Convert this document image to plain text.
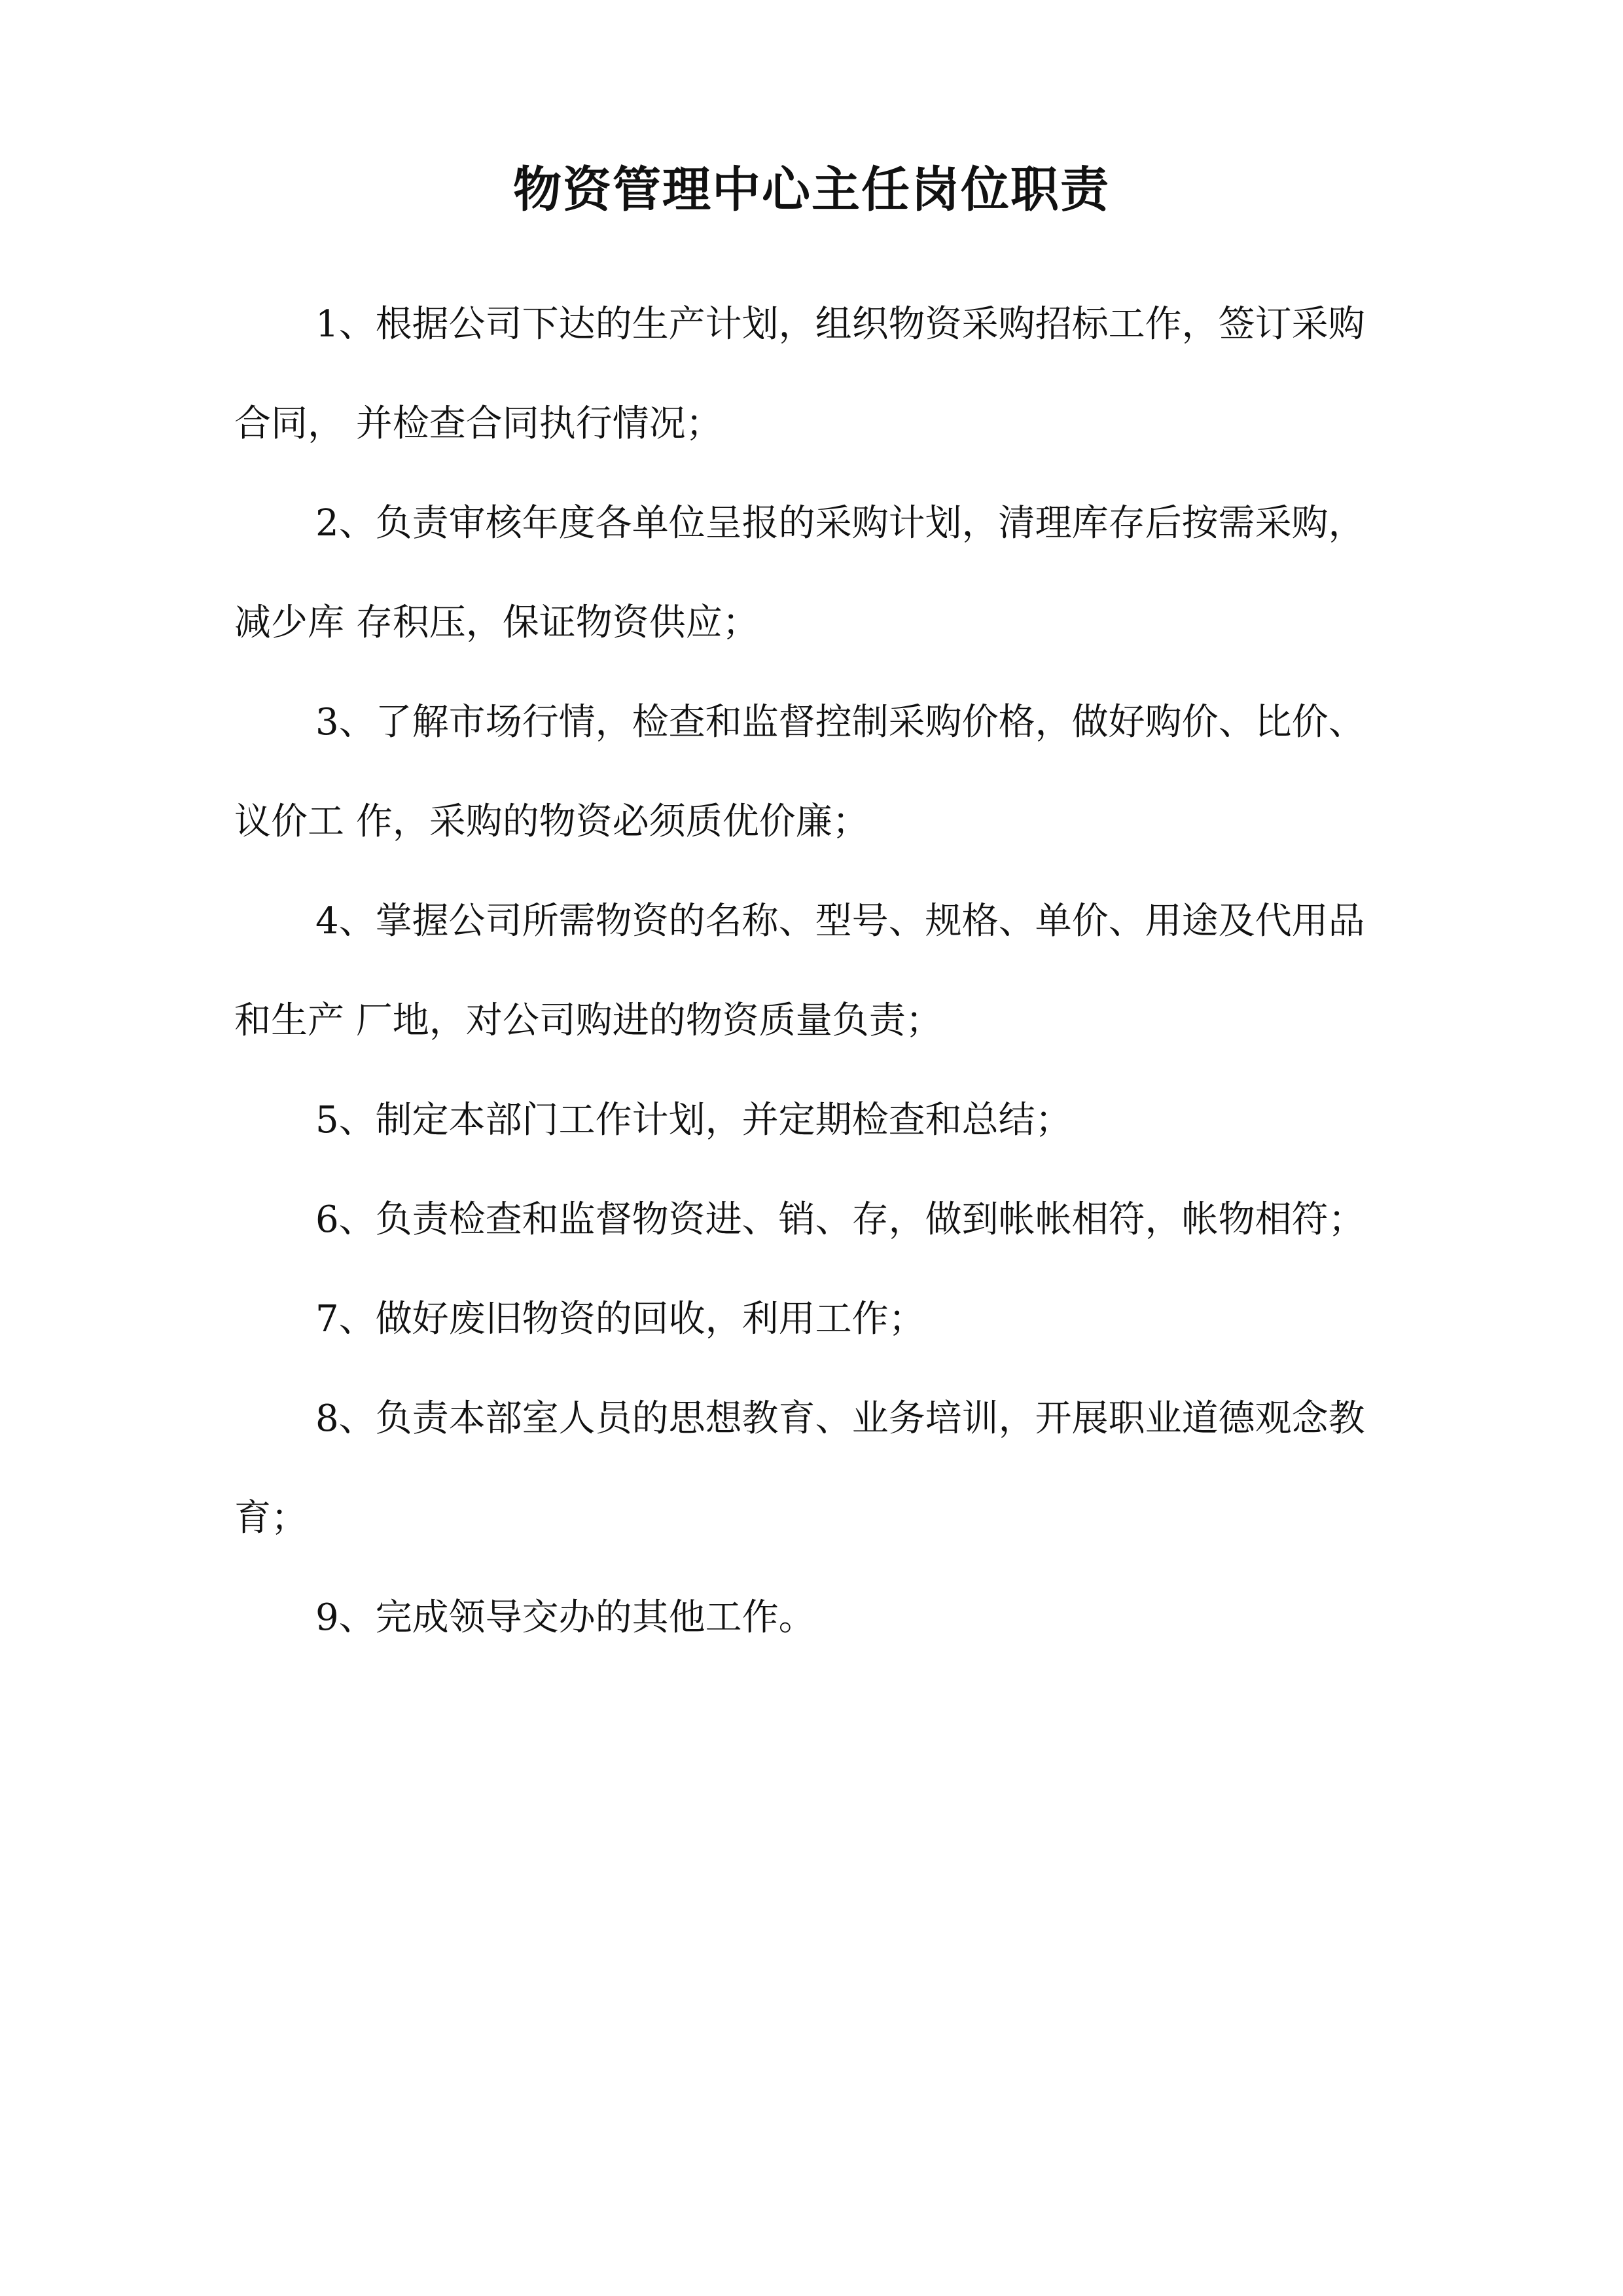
物资管理中心主任岗位职责

1、根据公司下达的生产计划，组织物资采购招标工作，签订采购合同， 并检查合同执行情况；

2、负责审核年度各单位呈报的采购计划，清理库存后按需采购，减少库 存积压，保证物资供应；

3、了解市场行情，检查和监督控制采购价格，做好购价、比价、议价工 作，采购的物资必须质优价廉；

4、掌握公司所需物资的名称、型号、规格、单价、用途及代用品和生产 厂地，对公司购进的物资质量负责；

5、制定本部门工作计划，并定期检查和总结；

6、负责检查和监督物资进、销、存，做到帐帐相符，帐物相符；

7、做好废旧物资的回收，利用工作；

8、负责本部室人员的思想教育、业务培训，开展职业道德观念教育；

9、完成领导交办的其他工作。
